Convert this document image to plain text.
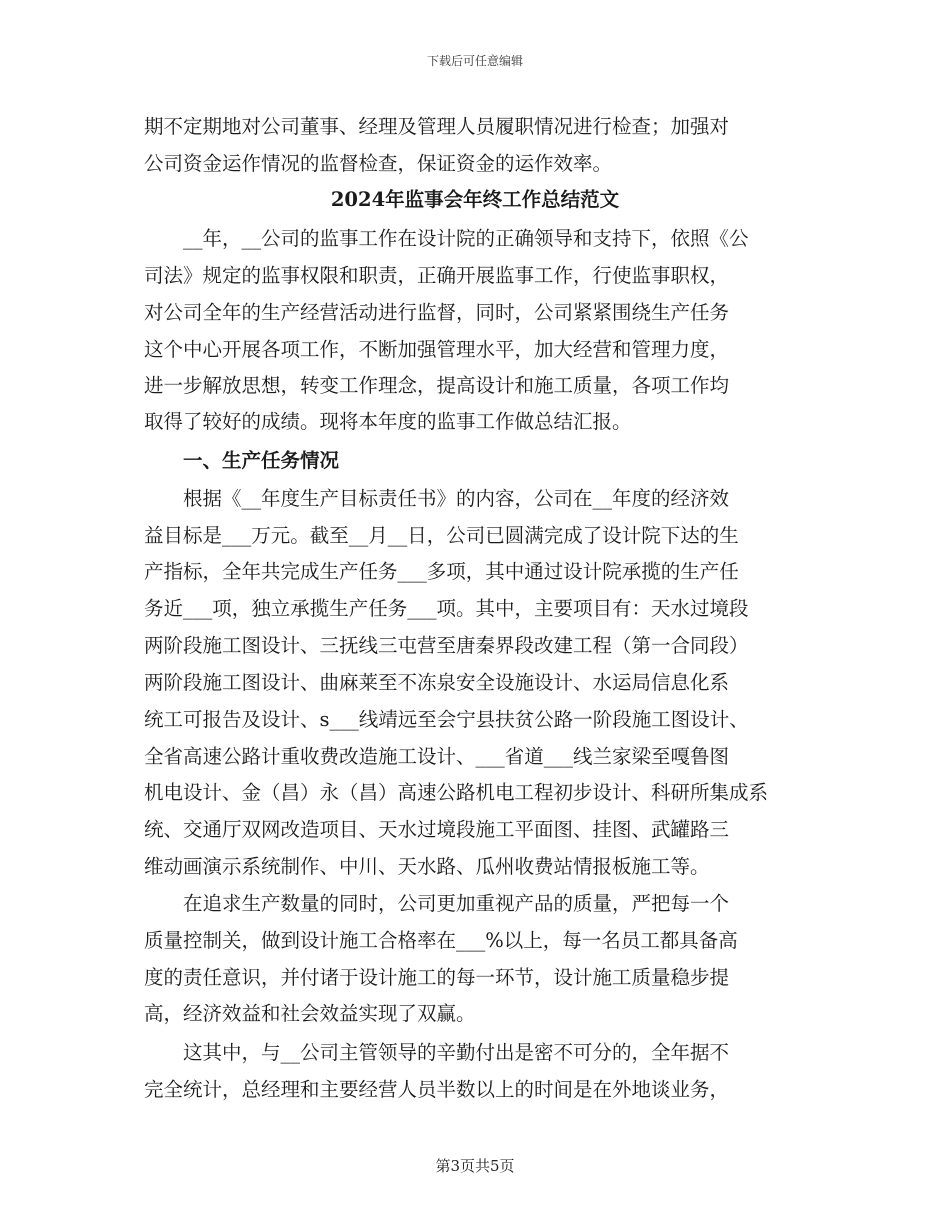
下载后可任意编辑
期不定期地对公司董事、经理及管理人员履职情况进行检查；加强对
公司资金运作情况的监督检查，保证资金的运作效率。
2024年监事会年终工作总结范文
__年，__公司的监事工作在设计院的正确领导和支持下，依照《公
司法》规定的监事权限和职责，正确开展监事工作，行使监事职权，
对公司全年的生产经营活动进行监督，同时，公司紧紧围绕生产任务
这个中心开展各项工作，不断加强管理水平，加大经营和管理力度，
进一步解放思想，转变工作理念，提高设计和施工质量，各项工作均
取得了较好的成绩。现将本年度的监事工作做总结汇报。
一、生产任务情况
根据《__年度生产目标责任书》的内容，公司在__年度的经济效
益目标是___万元。截至__月__日，公司已圆满完成了设计院下达的生
产指标，全年共完成生产任务___多项，其中通过设计院承揽的生产任
务近___项，独立承揽生产任务___项。其中，主要项目有：天水过境段
两阶段施工图设计、三抚线三屯营至唐秦界段改建工程（第一合同段）
两阶段施工图设计、曲麻莱至不冻泉安全设施设计、水运局信息化系
统工可报告及设计、s___线靖远至会宁县扶贫公路一阶段施工图设计、
全省高速公路计重收费改造施工设计、___省道___线兰家梁至嘎鲁图
机电设计、金（昌）永（昌）高速公路机电工程初步设计、科研所集成系
统、交通厅双网改造项目、天水过境段施工平面图、挂图、武罐路三
维动画演示系统制作、中川、天水路、瓜州收费站情报板施工等。
在追求生产数量的同时，公司更加重视产品的质量，严把每一个
质量控制关，做到设计施工合格率在___%以上，每一名员工都具备高
度的责任意识，并付诸于设计施工的每一环节，设计施工质量稳步提
高，经济效益和社会效益实现了双赢。
这其中，与__公司主管领导的辛勤付出是密不可分的，全年据不
完全统计，总经理和主要经营人员半数以上的时间是在外地谈业务，
第3页共5页
